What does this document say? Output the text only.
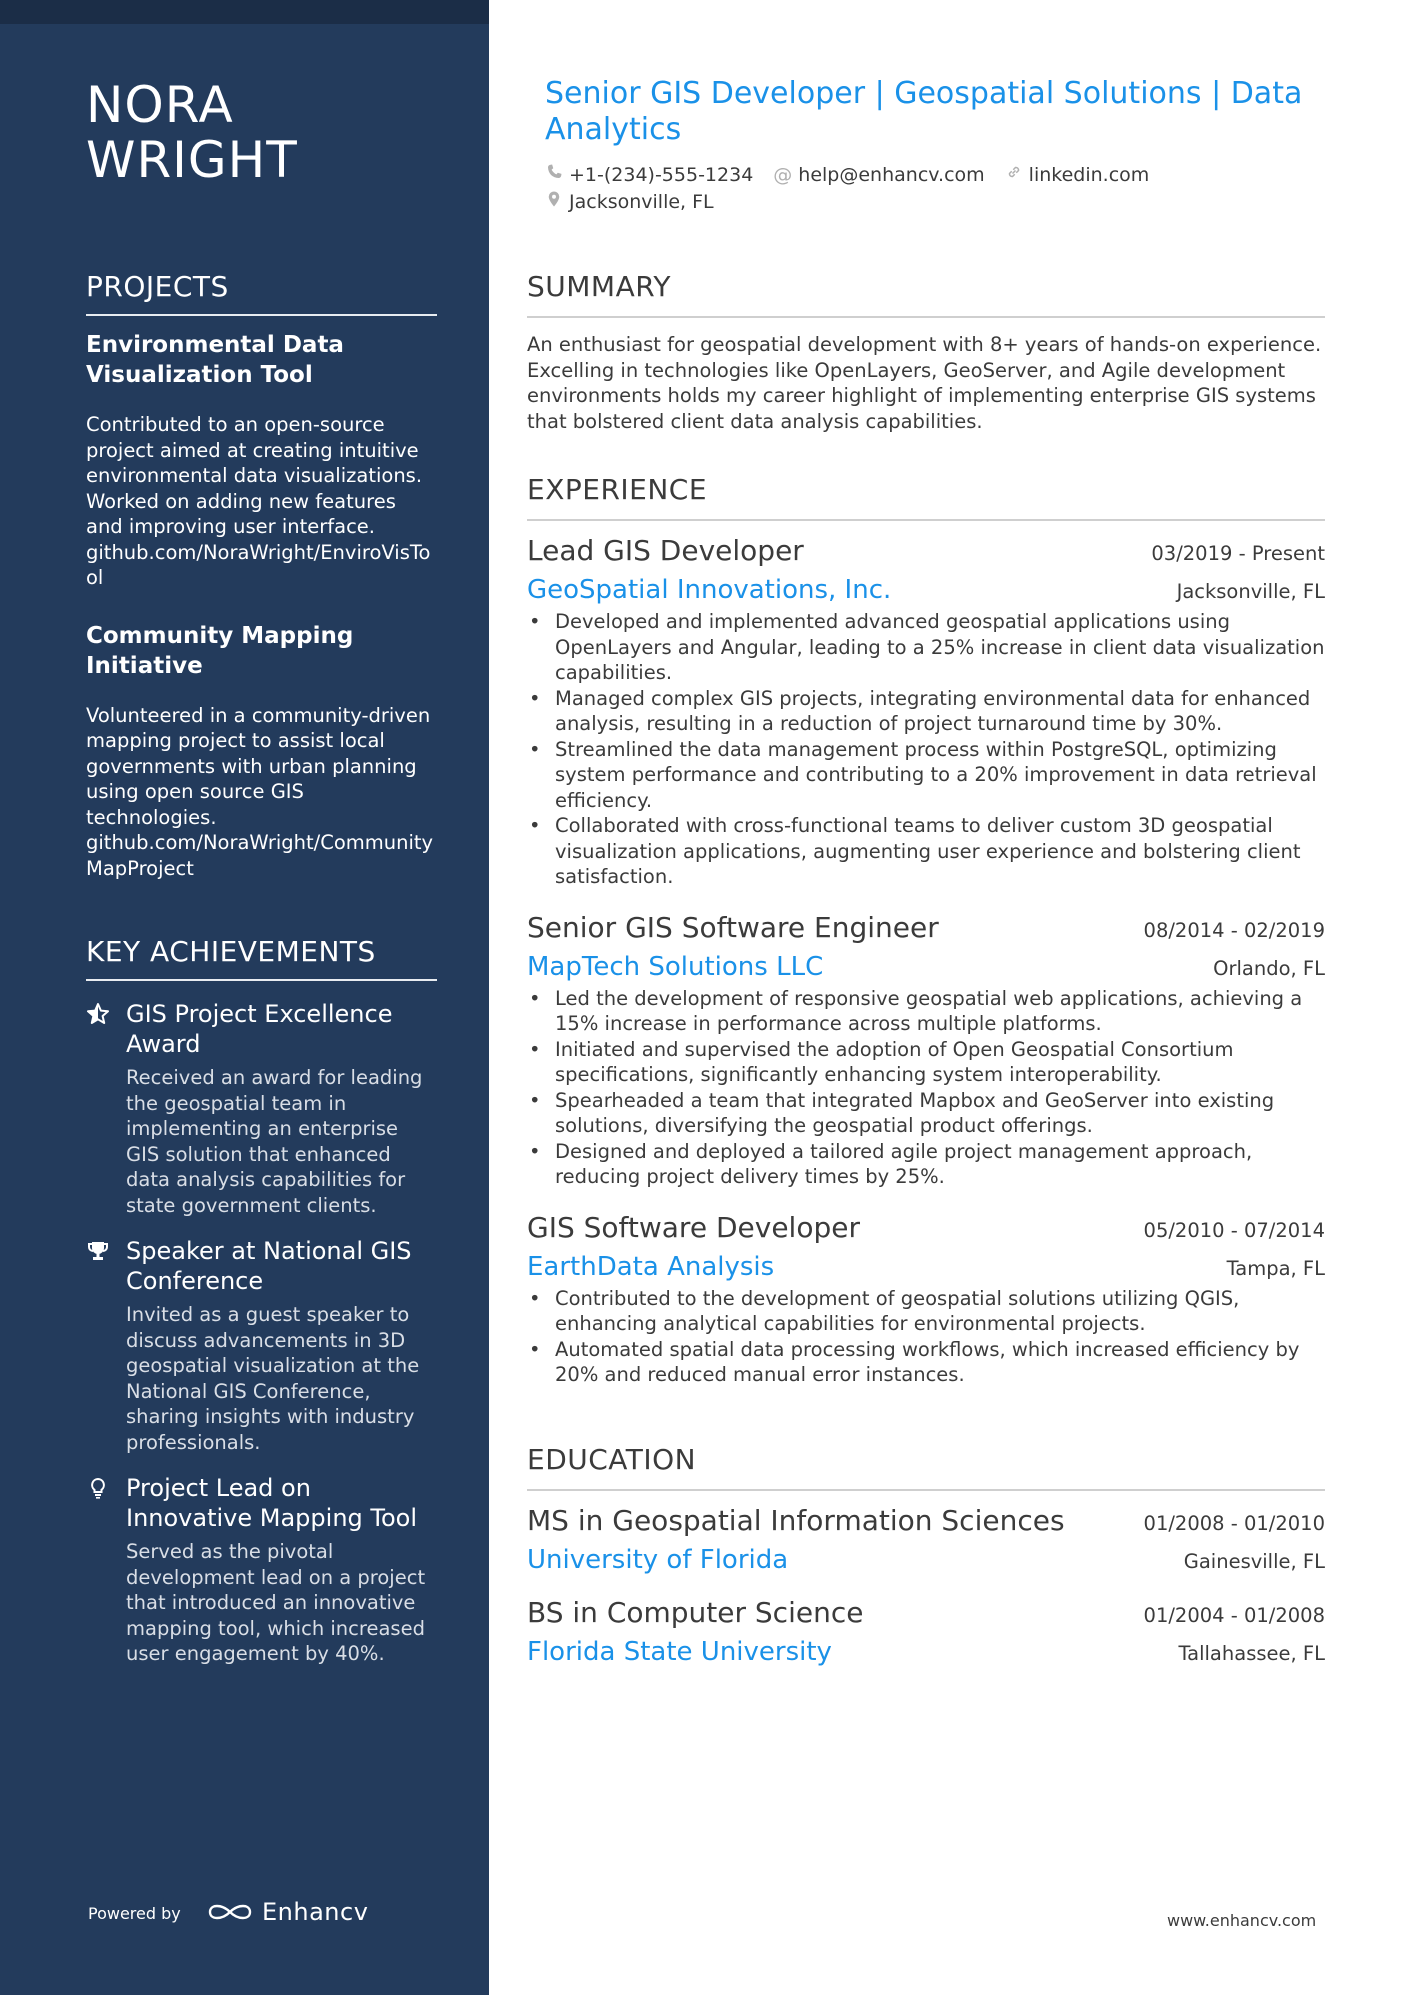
NORA
WRIGHT
PROJECTS
Environmental Data Visualization Tool
Contributed to an open-source project aimed at creating intuitive environmental data visualizations. Worked on adding new features and improving user interface.
github.com/NoraWright/EnviroVisTool
Community Mapping Initiative
Volunteered in a community-driven mapping project to assist local governments with urban planning using open source GIS technologies.
github.com/NoraWright/CommunityMapProject
KEY ACHIEVEMENTS
GIS Project Excellence Award
Received an award for leading the geospatial team in implementing an enterprise GIS solution that enhanced data analysis capabilities for state government clients.
Speaker at National GIS Conference
Invited as a guest speaker to discuss advancements in 3D geospatial visualization at the National GIS Conference, sharing insights with industry professionals.
Project Lead on Innovative Mapping Tool
Served as the pivotal development lead on a project that introduced an innovative mapping tool, which increased user engagement by 40%.
Powered by	Enhancv
Senior GIS Developer | Geospatial Solutions | Data Analytics
+1-(234)-555-1234 @ help@enhancv.com linkedin.com
Jacksonville, FL
SUMMARY
An enthusiast for geospatial development with 8+ years of hands-on experience. Excelling in technologies like OpenLayers, GeoServer, and Agile development environments holds my career highlight of implementing enterprise GIS systems that bolstered client data analysis capabilities.
EXPERIENCE
Lead GIS Developer	03/2019 - Present
GeoSpatial Innovations, Inc.	Jacksonville, FL
• Developed and implemented advanced geospatial applications using OpenLayers and Angular, leading to a 25% increase in client data visualization capabilities.
• Managed complex GIS projects, integrating environmental data for enhanced analysis, resulting in a reduction of project turnaround time by 30%.
• Streamlined the data management process within PostgreSQL, optimizing system performance and contributing to a 20% improvement in data retrieval efficiency.
• Collaborated with cross-functional teams to deliver custom 3D geospatial visualization applications, augmenting user experience and bolstering client satisfaction.
Senior GIS Software Engineer	08/2014 - 02/2019
MapTech Solutions LLC	Orlando, FL
• Led the development of responsive geospatial web applications, achieving a 15% increase in performance across multiple platforms.
• Initiated and supervised the adoption of Open Geospatial Consortium specifications, significantly enhancing system interoperability.
• Spearheaded a team that integrated Mapbox and GeoServer into existing solutions, diversifying the geospatial product offerings.
• Designed and deployed a tailored agile project management approach, reducing project delivery times by 25%.
GIS Software Developer	05/2010 - 07/2014
EarthData Analysis	Tampa, FL
• Contributed to the development of geospatial solutions utilizing QGIS, enhancing analytical capabilities for environmental projects.
• Automated spatial data processing workflows, which increased efficiency by 20% and reduced manual error instances.
EDUCATION
MS in Geospatial Information Sciences	01/2008 - 01/2010
University of Florida	Gainesville, FL
BS in Computer Science	01/2004 - 01/2008
Florida State University	Tallahassee, FL
www.enhancv.com
